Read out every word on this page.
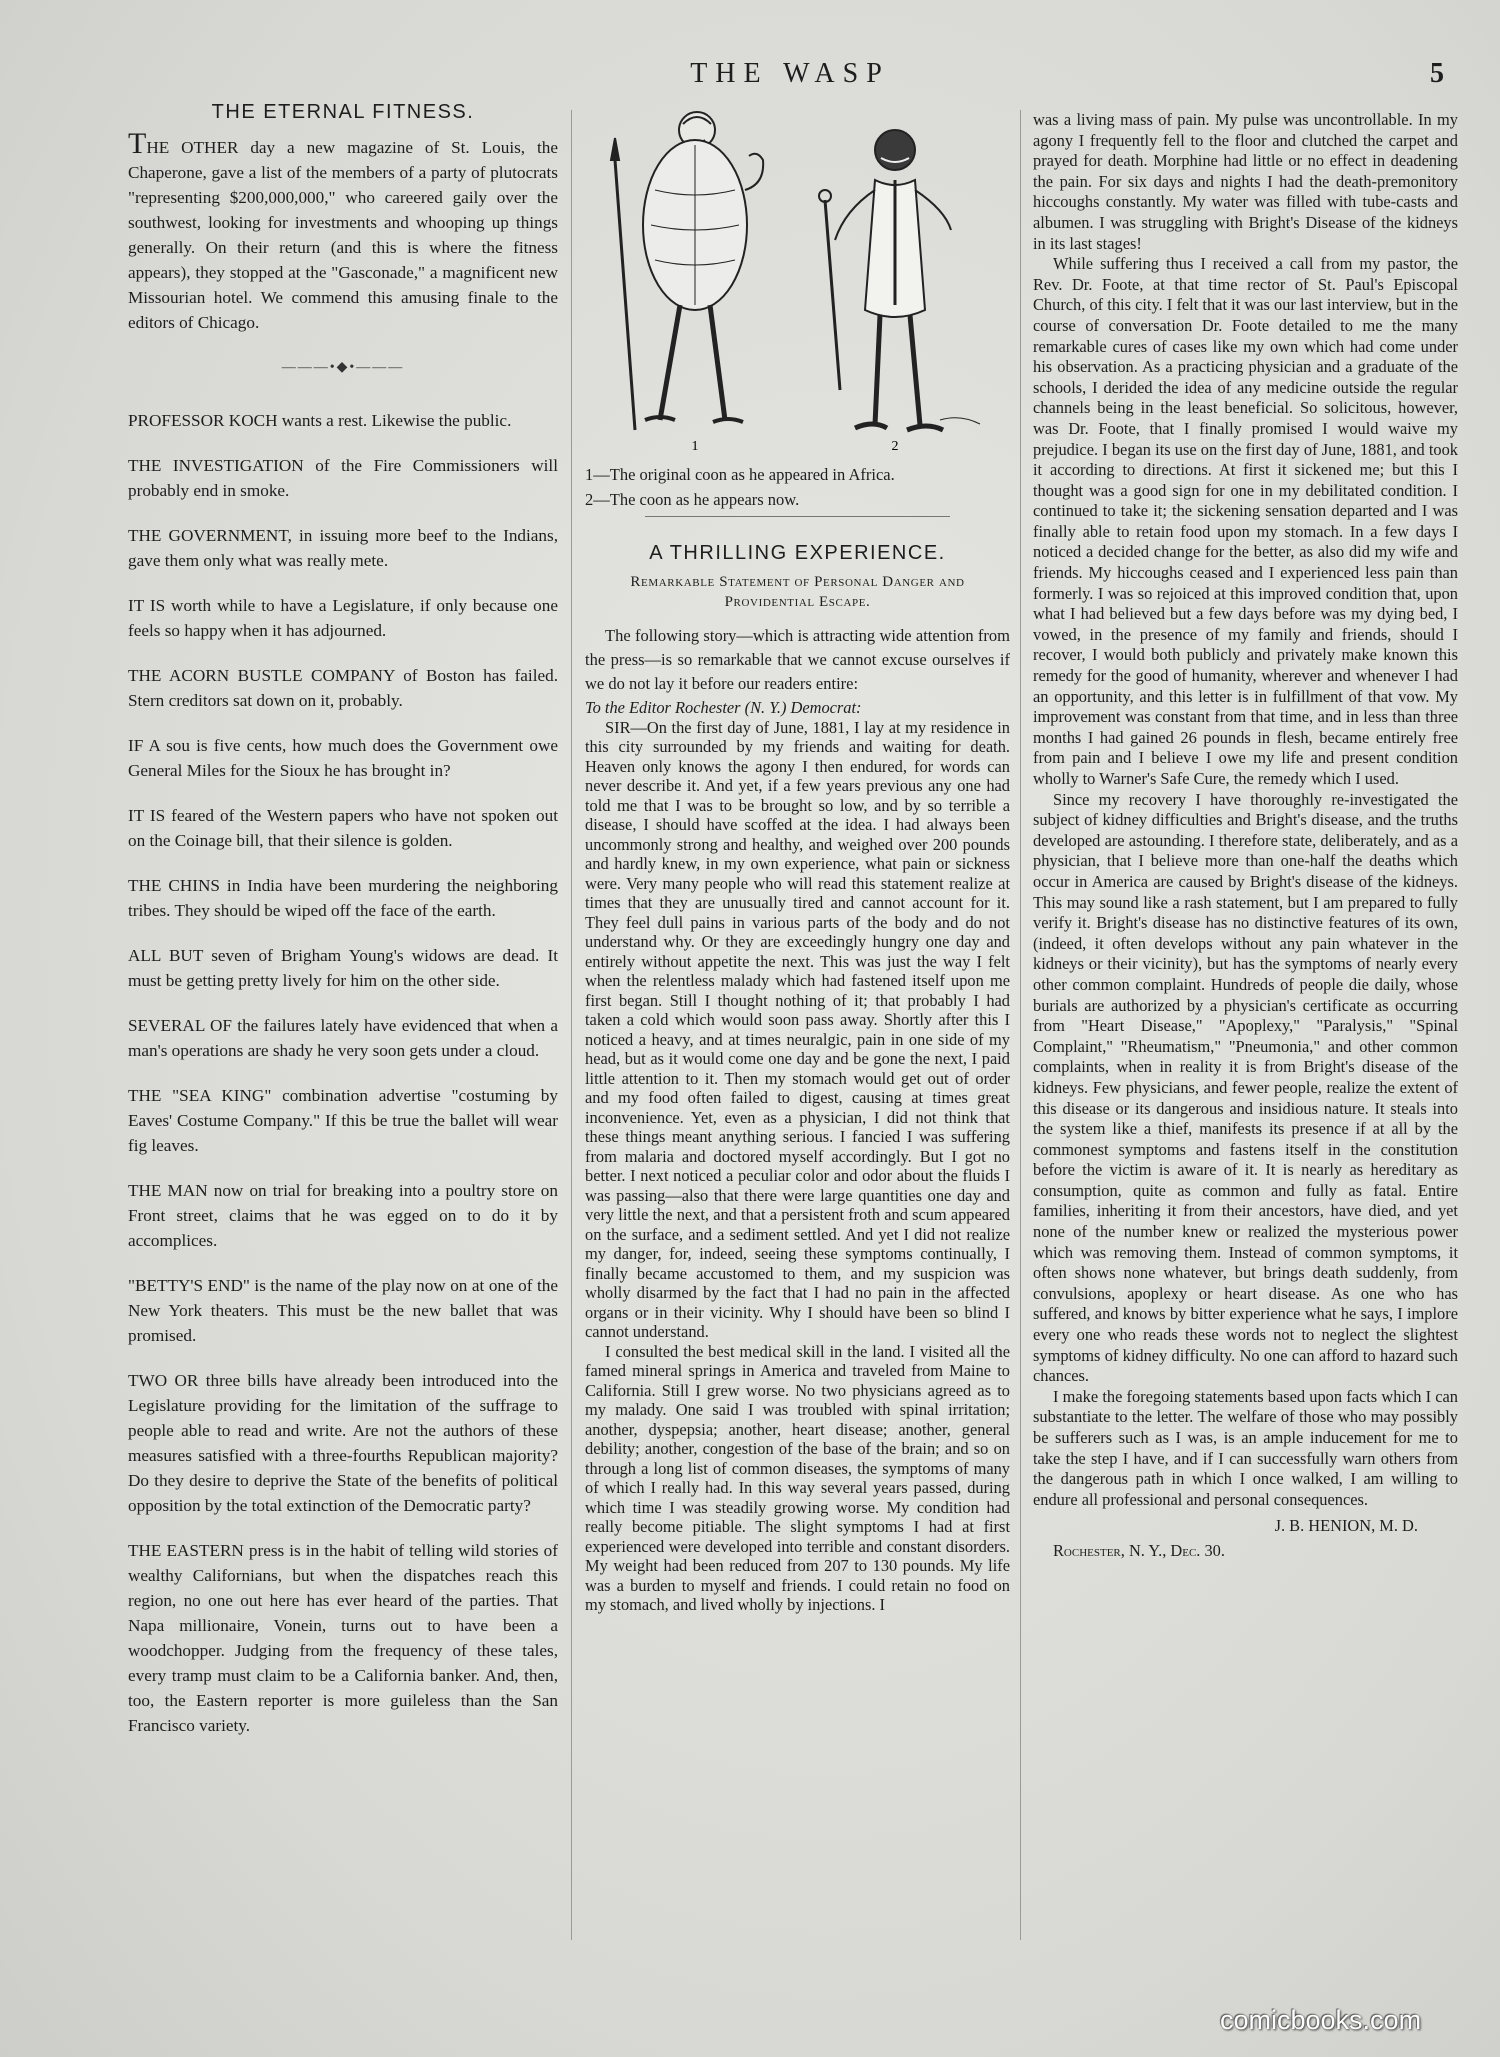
THE WASP	5
THE ETERNAL FITNESS.
THE OTHER day a new magazine of St. Louis, the Chaperone, gave a list of the members of a party of plutocrats "representing $200,000,000," who careered gaily over the southwest, looking for investments and whooping up things generally. On their return (and this is where the fitness appears), they stopped at the "Gasconade," a magnificent new Missourian hotel. We commend this amusing finale to the editors of Chicago.
———•◆•———
PROFESSOR KOCH wants a rest. Likewise the public.
THE INVESTIGATION of the Fire Commissioners will probably end in smoke.
THE GOVERNMENT, in issuing more beef to the Indians, gave them only what was really mete.
IT IS worth while to have a Legislature, if only because one feels so happy when it has adjourned.
THE ACORN BUSTLE COMPANY of Boston has failed. Stern creditors sat down on it, probably.
IF A sou is five cents, how much does the Government owe General Miles for the Sioux he has brought in?
IT IS feared of the Western papers who have not spoken out on the Coinage bill, that their silence is golden.
THE CHINS in India have been murdering the neighboring tribes. They should be wiped off the face of the earth.
ALL BUT seven of Brigham Young's widows are dead. It must be getting pretty lively for him on the other side.
SEVERAL OF the failures lately have evidenced that when a man's operations are shady he very soon gets under a cloud.
THE "SEA KING" combination advertise "costuming by Eaves' Costume Company." If this be true the ballet will wear fig leaves.
THE MAN now on trial for breaking into a poultry store on Front street, claims that he was egged on to do it by accomplices.
"BETTY'S END" is the name of the play now on at one of the New York theaters. This must be the new ballet that was promised.
TWO OR three bills have already been introduced into the Legislature providing for the limitation of the suffrage to people able to read and write. Are not the authors of these measures satisfied with a three-fourths Republican majority? Do they desire to deprive the State of the benefits of political opposition by the total extinction of the Democratic party?
THE EASTERN press is in the habit of telling wild stories of wealthy Californians, but when the dispatches reach this region, no one out here has ever heard of the parties. That Napa millionaire, Vonein, turns out to have been a woodchopper. Judging from the frequency of these tales, every tramp must claim to be a California banker. And, then, too, the Eastern reporter is more guileless than the San Francisco variety.
1	2
1—The original coon as he appeared in Africa.
2—The coon as he appears now.
A THRILLING EXPERIENCE.
Remarkable Statement of Personal Danger and Providential Escape.
The following story—which is attracting wide attention from the press—is so remarkable that we cannot excuse ourselves if we do not lay it before our readers entire:
To the Editor Rochester (N. Y.) Democrat:

SIR—On the first day of June, 1881, I lay at my residence in this city surrounded by my friends and waiting for death. Heaven only knows the agony I then endured, for words can never describe it. And yet, if a few years previous any one had told me that I was to be brought so low, and by so terrible a disease, I should have scoffed at the idea. I had always been uncommonly strong and healthy, and weighed over 200 pounds and hardly knew, in my own experience, what pain or sickness were. Very many people who will read this statement realize at times that they are unusually tired and cannot account for it. They feel dull pains in various parts of the body and do not understand why. Or they are exceedingly hungry one day and entirely without appetite the next. This was just the way I felt when the relentless malady which had fastened itself upon me first began. Still I thought nothing of it; that probably I had taken a cold which would soon pass away. Shortly after this I noticed a heavy, and at times neuralgic, pain in one side of my head, but as it would come one day and be gone the next, I paid little attention to it. Then my stomach would get out of order and my food often failed to digest, causing at times great inconvenience. Yet, even as a physician, I did not think that these things meant anything serious. I fancied I was suffering from malaria and doctored myself accordingly. But I got no better. I next noticed a peculiar color and odor about the fluids I was passing—also that there were large quantities one day and very little the next, and that a persistent froth and scum appeared on the surface, and a sediment settled. And yet I did not realize my danger, for, indeed, seeing these symptoms continually, I finally became accustomed to them, and my suspicion was wholly disarmed by the fact that I had no pain in the affected organs or in their vicinity. Why I should have been so blind I cannot understand.

I consulted the best medical skill in the land. I visited all the famed mineral springs in America and traveled from Maine to California. Still I grew worse. No two physicians agreed as to my malady. One said I was troubled with spinal irritation; another, dyspepsia; another, heart disease; another, general debility; another, congestion of the base of the brain; and so on through a long list of common diseases, the symptoms of many of which I really had. In this way several years passed, during which time I was steadily growing worse. My condition had really become pitiable. The slight symptoms I had at first experienced were developed into terrible and constant disorders. My weight had been reduced from 207 to 130 pounds. My life was a burden to myself and friends. I could retain no food on my stomach, and lived wholly by injections. I

was a living mass of pain. My pulse was uncontrollable. In my agony I frequently fell to the floor and clutched the carpet and prayed for death. Morphine had little or no effect in deadening the pain. For six days and nights I had the death-premonitory hiccoughs constantly. My water was filled with tube-casts and albumen. I was struggling with Bright's Disease of the kidneys in its last stages!

While suffering thus I received a call from my pastor, the Rev. Dr. Foote, at that time rector of St. Paul's Episcopal Church, of this city. I felt that it was our last interview, but in the course of conversation Dr. Foote detailed to me the many remarkable cures of cases like my own which had come under his observation. As a practicing physician and a graduate of the schools, I derided the idea of any medicine outside the regular channels being in the least beneficial. So solicitous, however, was Dr. Foote, that I finally promised I would waive my prejudice. I began its use on the first day of June, 1881, and took it according to directions. At first it sickened me; but this I thought was a good sign for one in my debilitated condition. I continued to take it; the sickening sensation departed and I was finally able to retain food upon my stomach. In a few days I noticed a decided change for the better, as also did my wife and friends. My hiccoughs ceased and I experienced less pain than formerly. I was so rejoiced at this improved condition that, upon what I had believed but a few days before was my dying bed, I vowed, in the presence of my family and friends, should I recover, I would both publicly and privately make known this remedy for the good of humanity, wherever and whenever I had an opportunity, and this letter is in fulfillment of that vow. My improvement was constant from that time, and in less than three months I had gained 26 pounds in flesh, became entirely free from pain and I believe I owe my life and present condition wholly to Warner's Safe Cure, the remedy which I used.

Since my recovery I have thoroughly re-investigated the subject of kidney difficulties and Bright's disease, and the truths developed are astounding. I therefore state, deliberately, and as a physician, that I believe more than one-half the deaths which occur in America are caused by Bright's disease of the kidneys. This may sound like a rash statement, but I am prepared to fully verify it. Bright's disease has no distinctive features of its own, (indeed, it often develops without any pain whatever in the kidneys or their vicinity), but has the symptoms of nearly every other common complaint. Hundreds of people die daily, whose burials are authorized by a physician's certificate as occurring from "Heart Disease," "Apoplexy," "Paralysis," "Spinal Complaint," "Rheumatism," "Pneumonia," and other common complaints, when in reality it is from Bright's disease of the kidneys. Few physicians, and fewer people, realize the extent of this disease or its dangerous and insidious nature. It steals into the system like a thief, manifests its presence if at all by the commonest symptoms and fastens itself in the constitution before the victim is aware of it. It is nearly as hereditary as consumption, quite as common and fully as fatal. Entire families, inheriting it from their ancestors, have died, and yet none of the number knew or realized the mysterious power which was removing them. Instead of common symptoms, it often shows none whatever, but brings death suddenly, from convulsions, apoplexy or heart disease. As one who has suffered, and knows by bitter experience what he says, I implore every one who reads these words not to neglect the slightest symptoms of kidney difficulty. No one can afford to hazard such chances.

I make the foregoing statements based upon facts which I can substantiate to the letter. The welfare of those who may possibly be sufferers such as I was, is an ample inducement for me to take the step I have, and if I can successfully warn others from the dangerous path in which I once walked, I am willing to endure all professional and personal consequences.

J. B. HENION, M. D.
Rochester, N. Y., Dec. 30.
comicbooks.com
